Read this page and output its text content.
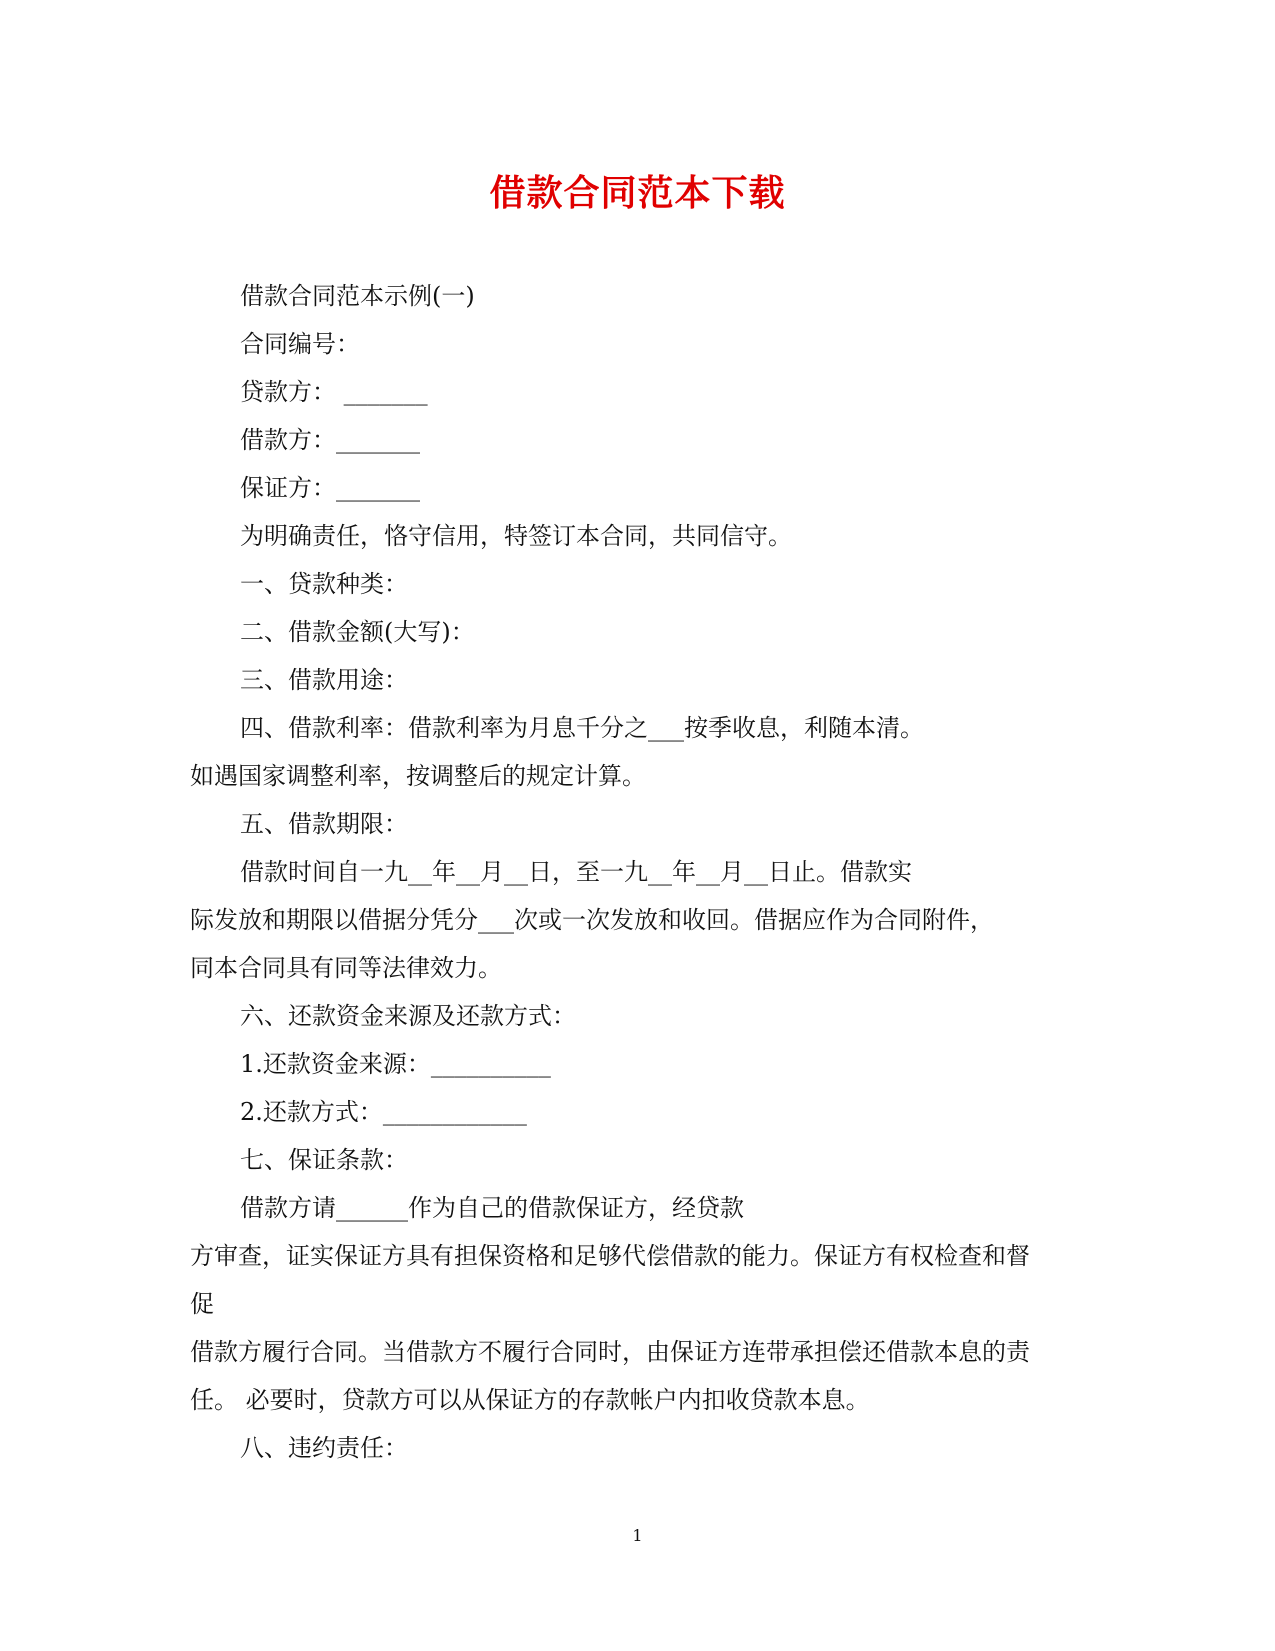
借款合同范本下载

借款合同范本示例(一)

合同编号：

贷款方： _______

借款方：_______

保证方：_______

为明确责任，恪守信用，特签订本合同，共同信守。

一、贷款种类：

二、借款金额(大写)：

三、借款用途：

四、借款利率：借款利率为月息千分之___按季收息，利随本清。

如遇国家调整利率，按调整后的规定计算。

五、借款期限：

借款时间自一九__年__月__日，至一九__年__月__日止。借款实

际发放和期限以借据分凭分___次或一次发放和收回。借据应作为合同附件，

同本合同具有同等法律效力。

六、还款资金来源及还款方式：

1.还款资金来源：__________

2.还款方式：____________

七、保证条款：

借款方请______作为自己的借款保证方，经贷款

方审查，证实保证方具有担保资格和足够代偿借款的能力。保证方有权检查和督

促

借款方履行合同。当借款方不履行合同时，由保证方连带承担偿还借款本息的责

任。 必要时，贷款方可以从保证方的存款帐户内扣收贷款本息。

八、违约责任：

1
